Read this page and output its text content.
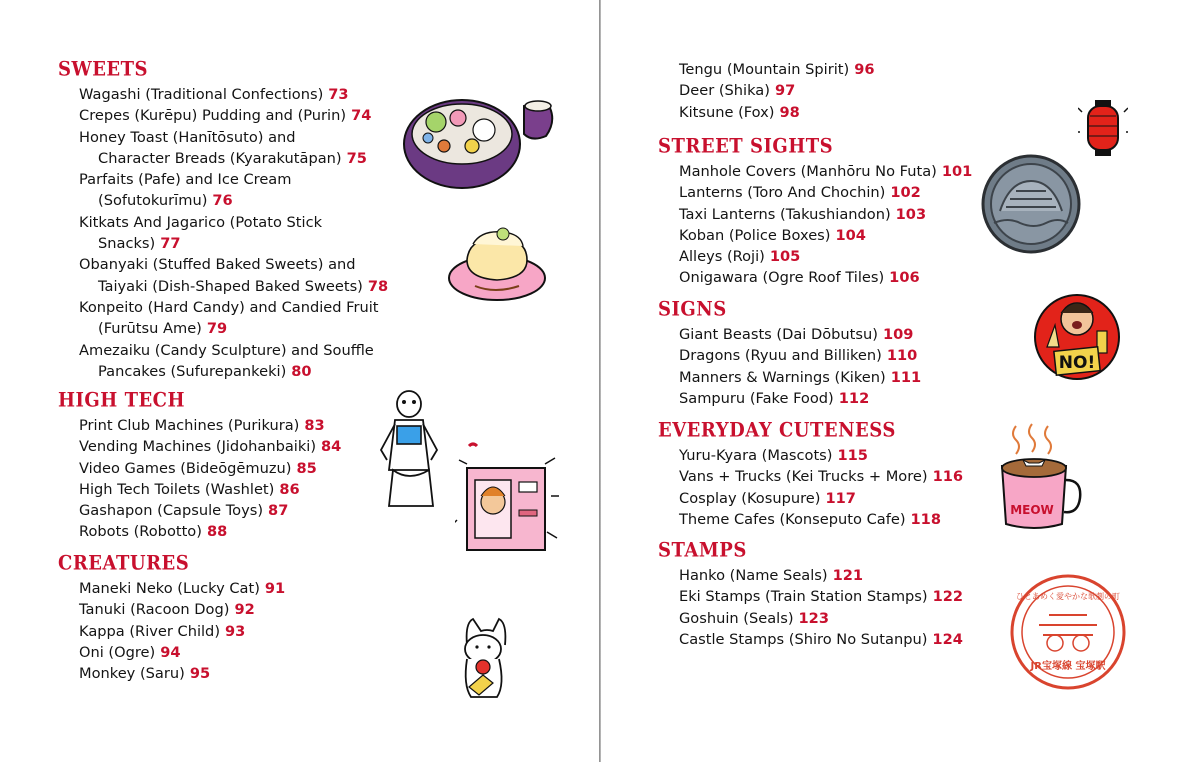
SWEETS
Wagashi (Traditional Confections) 73
Crepes (Kurēpu) Pudding and (Purin) 74
Honey Toast (Hanītōsuto) and
Character Breads (Kyarakutāpan) 75
Parfaits (Pafe) and Ice Cream
(Sofutokurīmu) 76
Kitkats And Jagarico (Potato Stick
Snacks) 77
Obanyaki (Stuffed Baked Sweets) and
Taiyaki (Dish-Shaped Baked Sweets) 78
Konpeito (Hard Candy) and Candied Fruit
(Furūtsu Ame) 79
Amezaiku (Candy Sculpture) and Souffle
Pancakes (Sufurepankeki) 80
HIGH TECH
Print Club Machines (Purikura) 83
Vending Machines (Jidohanbaiki) 84
Video Games (Bideōgēmuzu) 85
High Tech Toilets (Washlet) 86
Gashapon (Capsule Toys) 87
Robots (Robotto) 88
CREATURES
Maneki Neko (Lucky Cat) 91
Tanuki (Racoon Dog) 92
Kappa (River Child) 93
Oni (Ogre) 94
Monkey (Saru) 95
Tengu (Mountain Spirit) 96
Deer (Shika) 97
Kitsune (Fox) 98
STREET SIGHTS
Manhole Covers (Manhōru No Futa) 101
Lanterns (Toro And Chochin) 102
Taxi Lanterns (Takushiandon) 103
Koban (Police Boxes) 104
Alleys (Roji) 105
Onigawara (Ogre Roof Tiles) 106
SIGNS
Giant Beasts (Dai Dōbutsu) 109
Dragons (Ryuu and Billiken) 110
Manners & Warnings (Kiken) 111
Sampuru (Fake Food) 112
EVERYDAY CUTENESS
Yuru-Kyara (Mascots) 115
Vans + Trucks (Kei Trucks + More) 116
Cosplay (Kosupure) 117
Theme Cafes (Konseputo Cafe) 118
STAMPS
Hanko (Name Seals) 121
Eki Stamps (Train Station Stamps) 122
Goshuin (Seals) 123
Castle Stamps (Shiro No Sutanpu) 124
NO!
MEOW
ひとあめく愛やかな歌劇の町
JR宝塚線 宝塚駅
